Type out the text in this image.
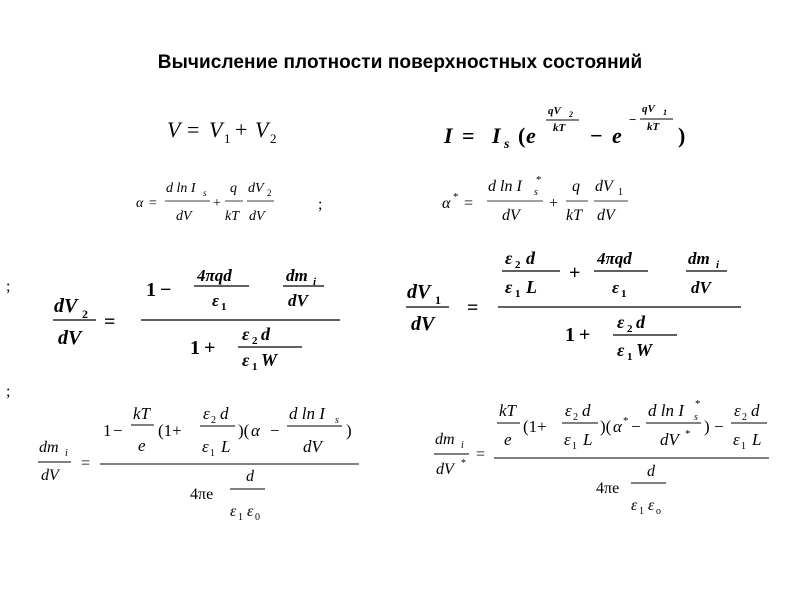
Вычисление плотности поверхностных состояний
V = V 1 + V 2	I = I s ( e
qV 2
kT − e
−
qV 1
kT )
α =
d ln I s
dV
+
q
kT
dV 2
dV
;	α * =
d ln I *
s
dV
+
q
kT
dV 1
dV
;
dV 2
dV
=
1 −
4πqd
ε 1
dm i
dV
1 +
ε 2 d
ε 1 W
dV 1
dV
=
ε 2 d
ε 1 L
+
4πqd
ε 1
dm i
dV
1 +
ε 2 d
ε 1 W
;
dm i
dV
=
1 −
kT
e
(1+
ε 2 d
ε 1 L
)( α −
d ln I s
dV
)
4πe
d
ε 1 ε 0
dm i
dV *
=
kT
e
(1+
ε 2 d
ε 1 L
)( α * −
d ln I *
s
dV * ) −
ε 2 d
ε 1 L
4πe
d
ε 1 ε o
